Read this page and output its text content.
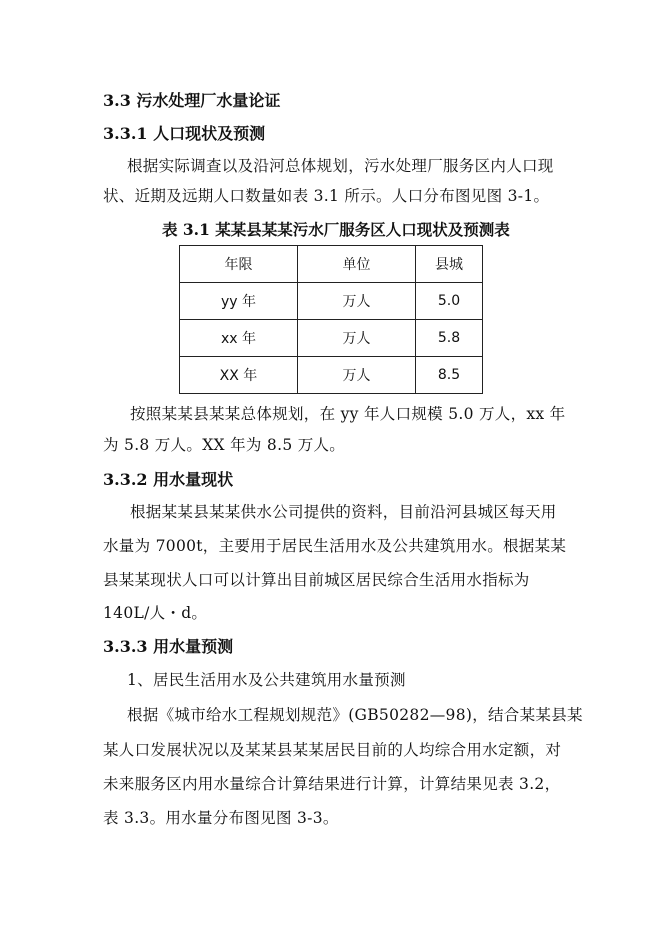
3.3 污水处理厂水量论证
3.3.1 人口现状及预测
根据实际调查以及沿河总体规划，污水处理厂服务区内人口现
状、近期及远期人口数量如表 3.1 所示。人口分布图见图 3-1。
表 3.1 某某县某某污水厂服务区人口现状及预测表
年限	单位	县城
yy 年	万人	5.0
xx 年	万人	5.8
XX 年	万人	8.5
按照某某县某某总体规划，在 yy 年人口规模 5.0 万人，xx 年
为 5.8 万人。XX 年为 8.5 万人。
3.3.2 用水量现状
根据某某县某某供水公司提供的资料，目前沿河县城区每天用
水量为 7000t，主要用于居民生活用水及公共建筑用水。根据某某
县某某现状人口可以计算出目前城区居民综合生活用水指标为
140L/人・d。
3.3.3 用水量预测
1、居民生活用水及公共建筑用水量预测
根据《城市给水工程规划规范》(GB50282—98)，结合某某县某
某人口发展状况以及某某县某某居民目前的人均综合用水定额，对
未来服务区内用水量综合计算结果进行计算，计算结果见表 3.2，
表 3.3。用水量分布图见图 3-3。
